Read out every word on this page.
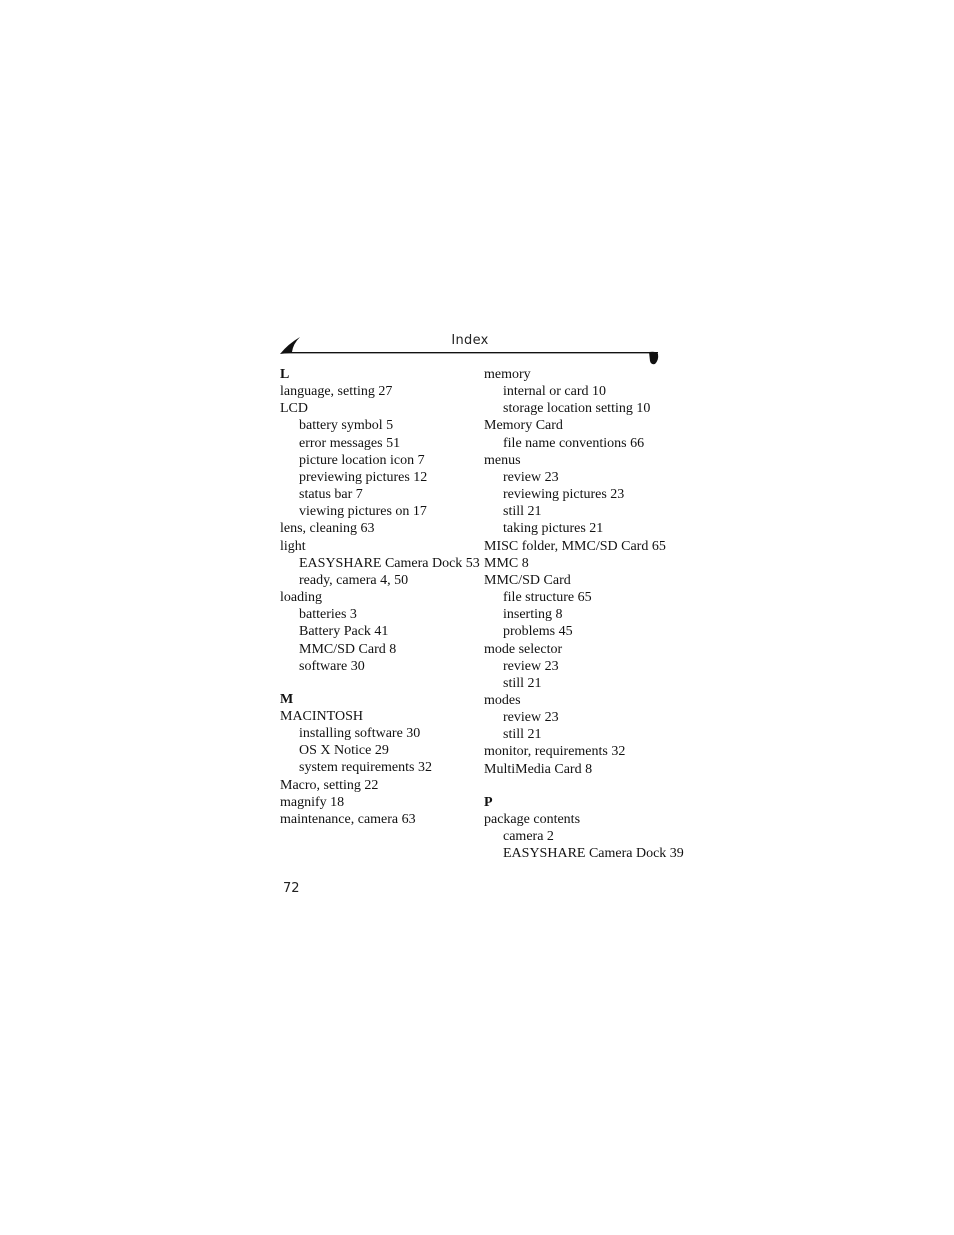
Index
L
language, setting 27
LCD
battery symbol 5
error messages 51
picture location icon 7
previewing pictures 12
status bar 7
viewing pictures on 17
lens, cleaning 63
light
EASYSHARE Camera Dock 53
ready, camera 4, 50
loading
batteries 3
Battery Pack 41
MMC/SD Card 8
software 30
M
MACINTOSH
installing software 30
OS X Notice 29
system requirements 32
Macro, setting 22
magnify 18
maintenance, camera 63
memory
internal or card 10
storage location setting 10
Memory Card
file name conventions 66
menus
review 23
reviewing pictures 23
still 21
taking pictures 21
MISC folder, MMC/SD Card 65
MMC 8
MMC/SD Card
file structure 65
inserting 8
problems 45
mode selector
review 23
still 21
modes
review 23
still 21
monitor, requirements 32
MultiMedia Card 8
P
package contents
camera 2
EASYSHARE Camera Dock 39
72
